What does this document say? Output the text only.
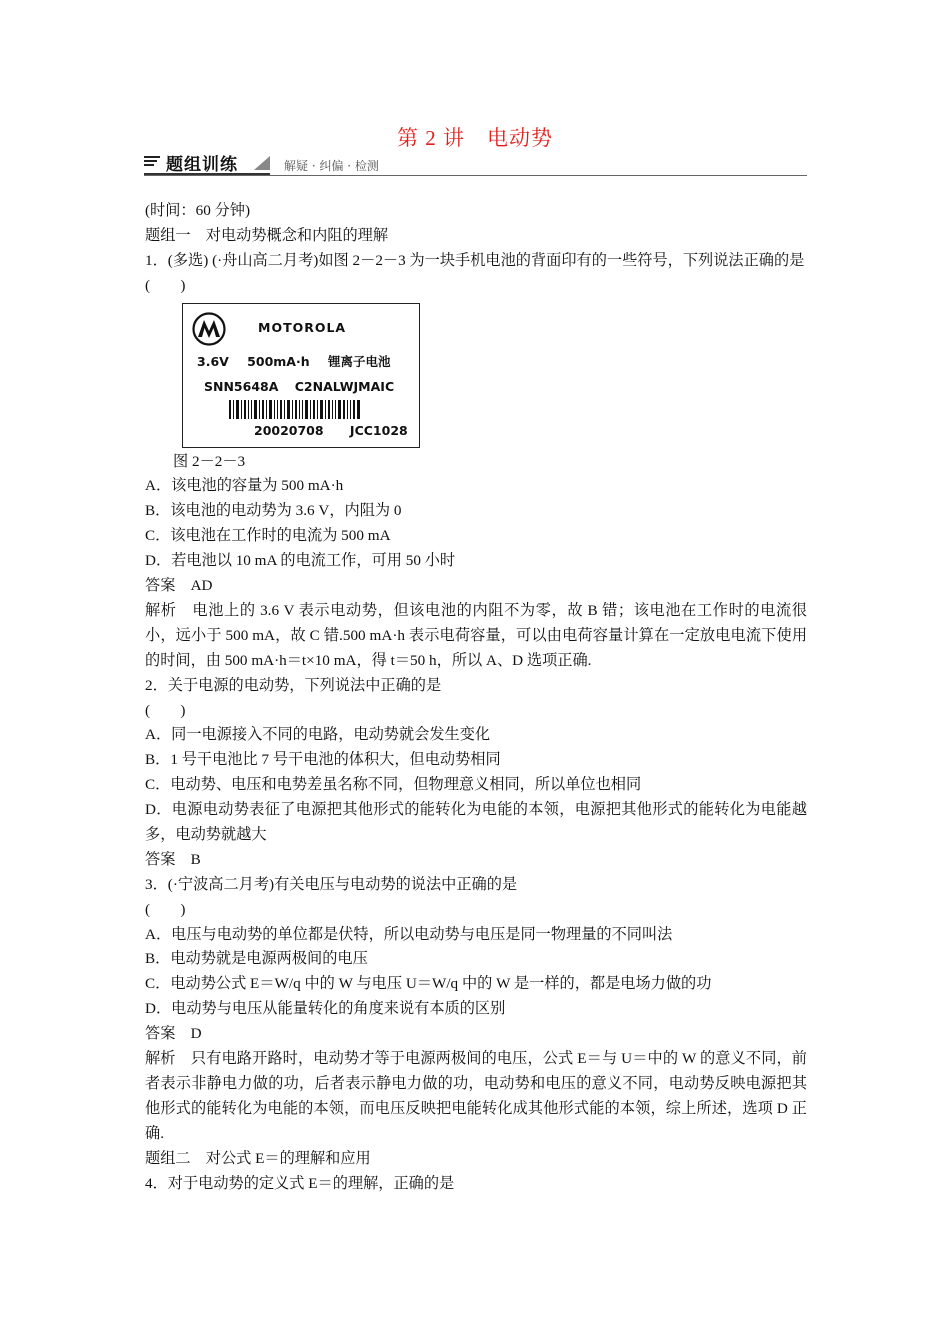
第 2 讲　电动势
题组训练	解疑 · 纠偏 · 检测
(时间：60 分钟)
题组一　对电动势概念和内阻的理解
1．(多选) (·舟山高二月考)如图 2－2－3 为一块手机电池的背面印有的一些符号，下列说法正确的是
(　　)
MOTOROLA
3.6V 500mA·h 锂离子电池
SNN5648A C2NALWJMAIC
20020708 JCC1028
图 2－2－3
A．该电池的容量为 500 mA·h
B．该电池的电动势为 3.6 V，内阻为 0
C．该电池在工作时的电流为 500 mA
D．若电池以 10 mA 的电流工作，可用 50 小时
答案　AD
解析　电池上的 3.6 V 表示电动势，但该电池的内阻不为零，故 B 错；该电池在工作时的电流很小，远小于 500 mA，故 C 错.500 mA·h 表示电荷容量，可以由电荷容量计算在一定放电电流下使用的时间，由 500 mA·h＝t×10 mA，得 t＝50 h，所以 A、D 选项正确.
2．关于电源的电动势，下列说法中正确的是
(　　)
A．同一电源接入不同的电路，电动势就会发生变化
B．1 号干电池比 7 号干电池的体积大，但电动势相同
C．电动势、电压和电势差虽名称不同，但物理意义相同，所以单位也相同
D．电源电动势表征了电源把其他形式的能转化为电能的本领，电源把其他形式的能转化为电能越多，电动势就越大
答案　B
3．(·宁波高二月考)有关电压与电动势的说法中正确的是
(　　)
A．电压与电动势的单位都是伏特，所以电动势与电压是同一物理量的不同叫法
B．电动势就是电源两极间的电压
C．电动势公式 E＝W/q 中的 W 与电压 U＝W/q 中的 W 是一样的，都是电场力做的功
D．电动势与电压从能量转化的角度来说有本质的区别
答案　D
解析　只有电路开路时，电动势才等于电源两极间的电压，公式 E＝与 U＝中的 W 的意义不同，前者表示非静电力做的功，后者表示静电力做的功，电动势和电压的意义不同，电动势反映电源把其他形式的能转化为电能的本领，而电压反映把电能转化成其他形式能的本领，综上所述，选项 D 正确.
题组二　对公式 E＝的理解和应用
4．对于电动势的定义式 E＝的理解，正确的是
